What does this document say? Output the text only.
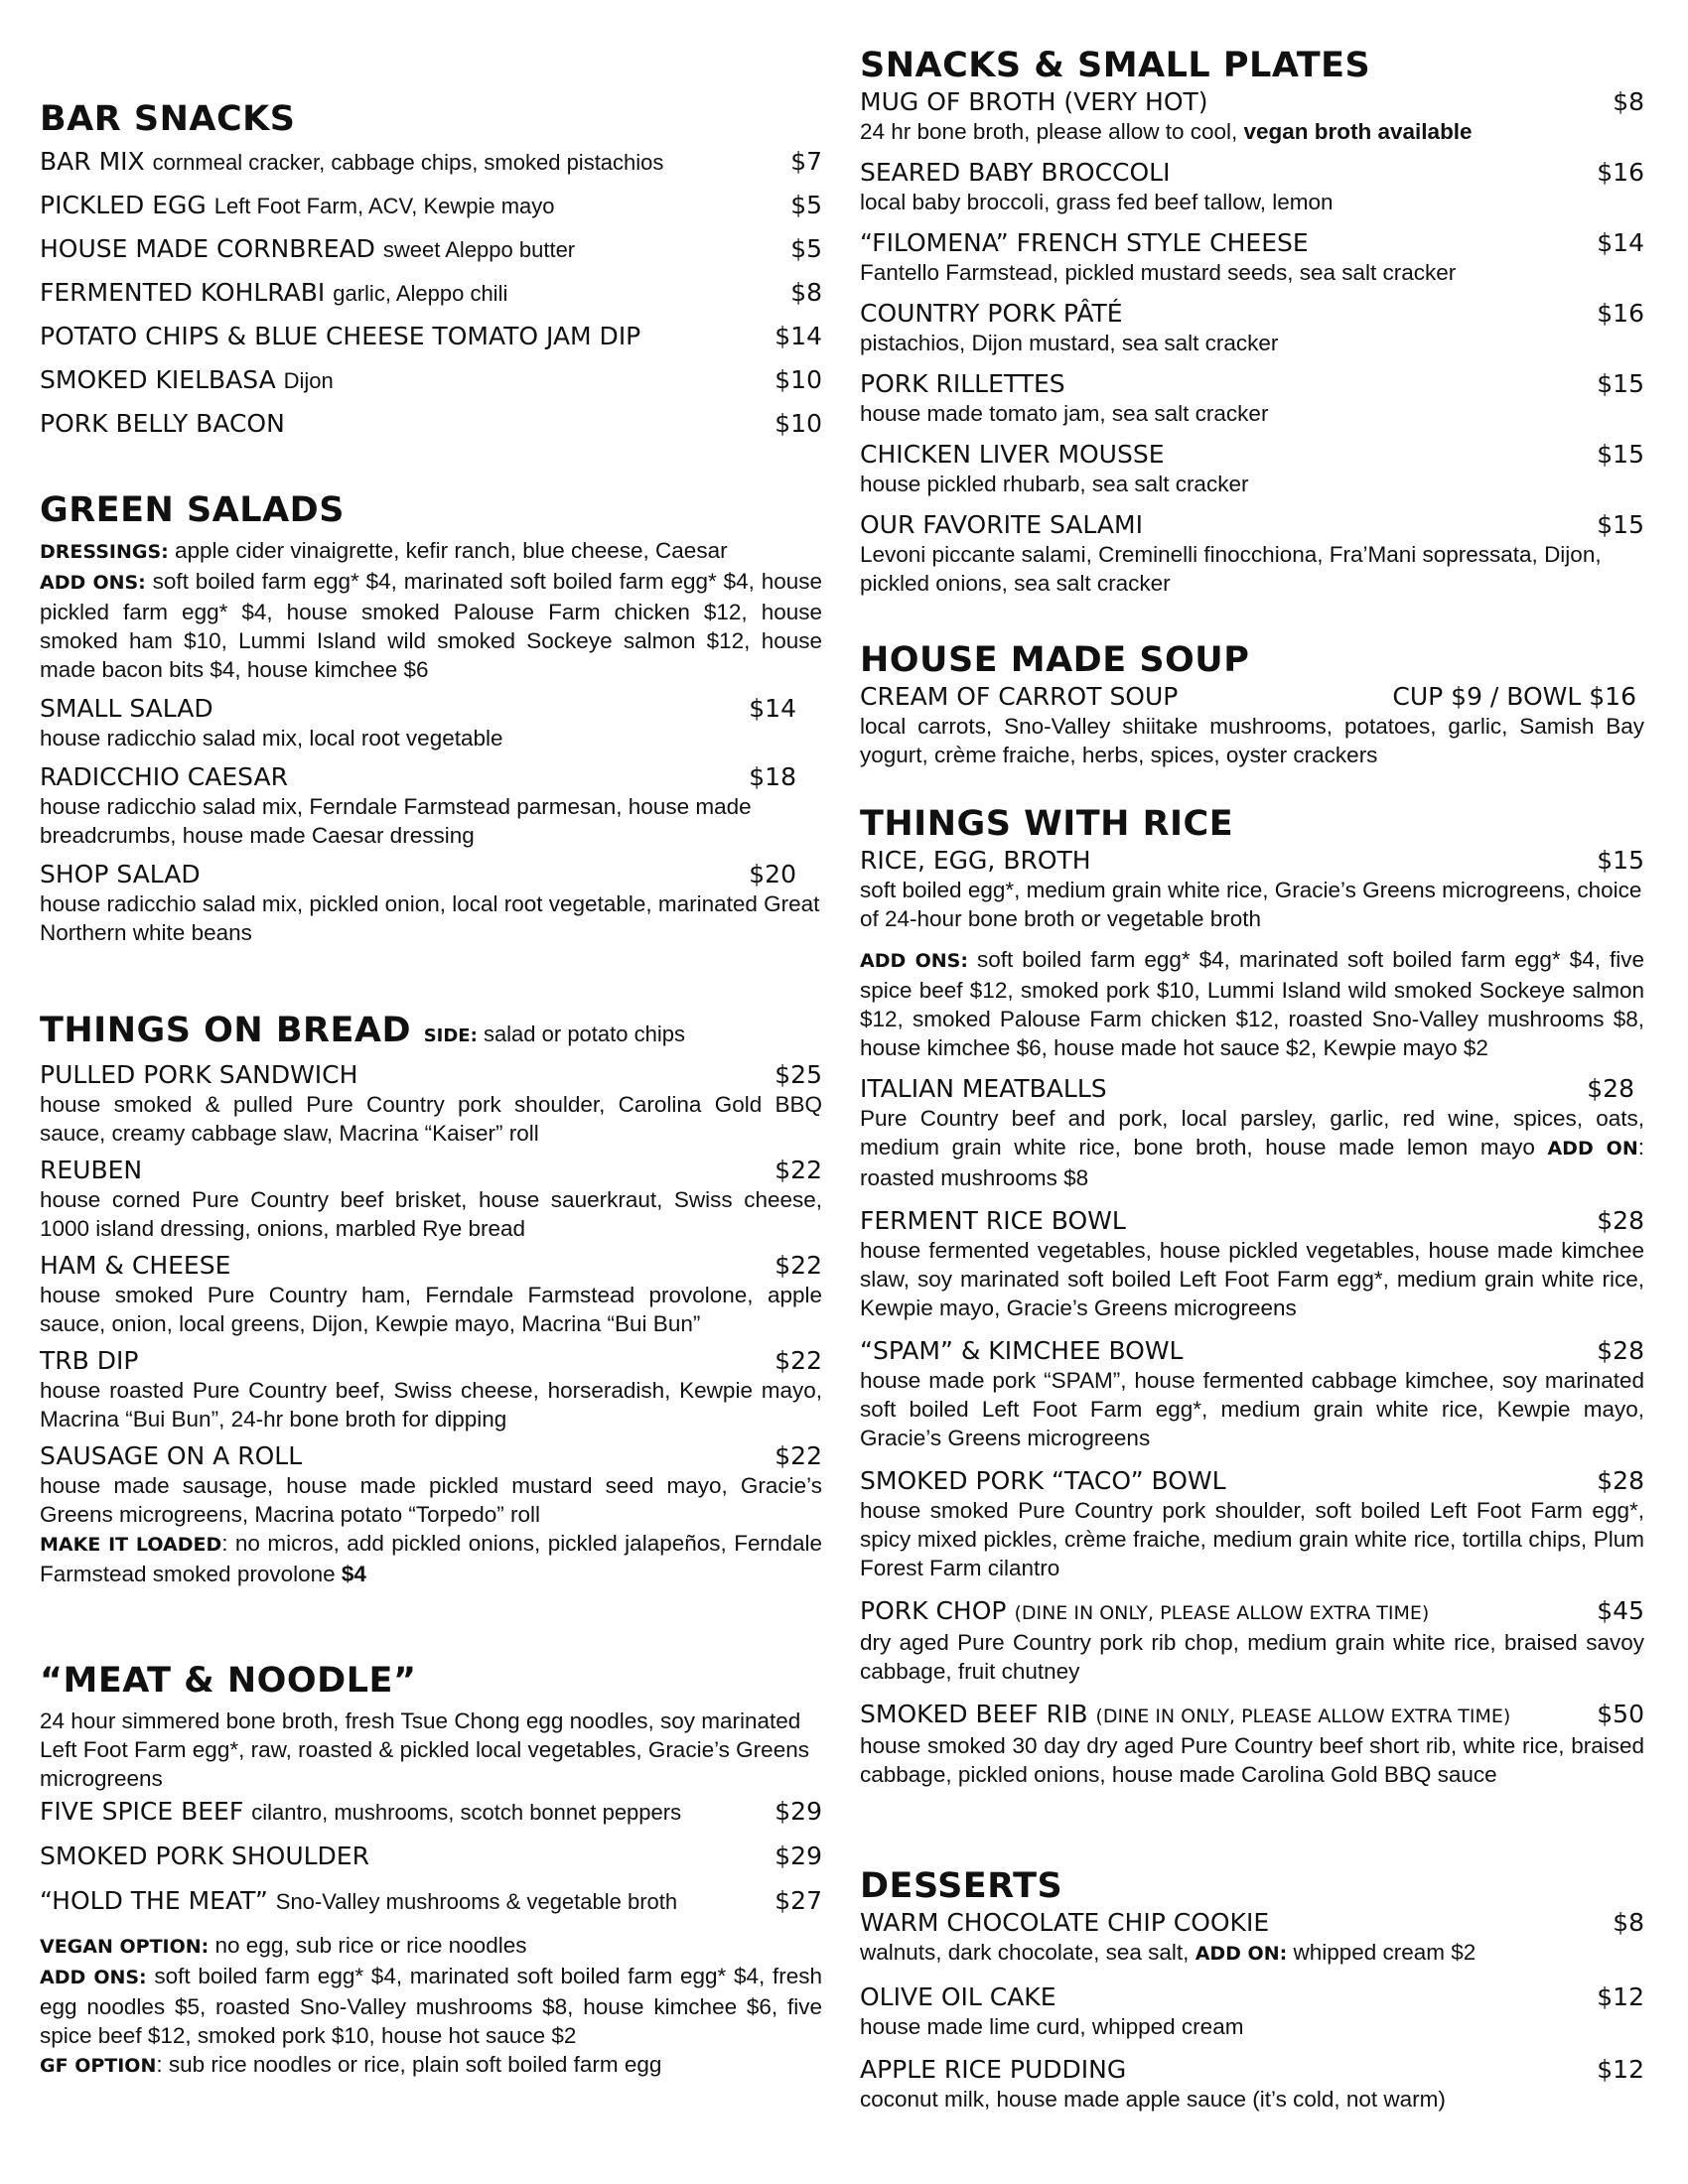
BAR SNACKS
BAR MIX cornmeal cracker, cabbage chips, smoked pistachios	$7
PICKLED EGG Left Foot Farm, ACV, Kewpie mayo	$5
HOUSE MADE CORNBREAD sweet Aleppo butter	$5
FERMENTED KOHLRABI garlic, Aleppo chili	$8
POTATO CHIPS & BLUE CHEESE TOMATO JAM DIP	$14
SMOKED KIELBASA Dijon	$10
PORK BELLY BACON	$10
GREEN SALADS
DRESSINGS: apple cider vinaigrette, kefir ranch, blue cheese, Caesar
ADD ONS: soft boiled farm egg* $4, marinated soft boiled farm egg* $4, house pickled farm egg* $4, house smoked Palouse Farm chicken $12, house smoked ham $10, Lummi Island wild smoked Sockeye salmon $12, house made bacon bits $4, house kimchee $6
SMALL SALAD	$14
house radicchio salad mix, local root vegetable
RADICCHIO CAESAR	$18
house radicchio salad mix, Ferndale Farmstead parmesan, house made breadcrumbs, house made Caesar dressing
SHOP SALAD	$20
house radicchio salad mix, pickled onion, local root vegetable, marinated Great Northern white beans
THINGS ON BREAD SIDE: salad or potato chips
PULLED PORK SANDWICH	$25
house smoked & pulled Pure Country pork shoulder, Carolina Gold BBQ sauce, creamy cabbage slaw, Macrina “Kaiser” roll
REUBEN	$22
house corned Pure Country beef brisket, house sauerkraut, Swiss cheese, 1000 island dressing, onions, marbled Rye bread
HAM & CHEESE	$22
house smoked Pure Country ham, Ferndale Farmstead provolone, apple sauce, onion, local greens, Dijon, Kewpie mayo, Macrina “Bui Bun”
TRB DIP	$22
house roasted Pure Country beef, Swiss cheese, horseradish, Kewpie mayo, Macrina “Bui Bun”, 24-hr bone broth for dipping
SAUSAGE ON A ROLL	$22
house made sausage, house made pickled mustard seed mayo, Gracie’s Greens microgreens, Macrina potato “Torpedo” roll
MAKE IT LOADED: no micros, add pickled onions, pickled jalapeños, Ferndale Farmstead smoked provolone $4
“MEAT & NOODLE”
24 hour simmered bone broth, fresh Tsue Chong egg noodles, soy marinated Left Foot Farm egg*, raw, roasted & pickled local vegetables, Gracie’s Greens microgreens
FIVE SPICE BEEF cilantro, mushrooms, scotch bonnet peppers	$29
SMOKED PORK SHOULDER	$29
“HOLD THE MEAT” Sno-Valley mushrooms & vegetable broth	$27
VEGAN OPTION: no egg, sub rice or rice noodles
ADD ONS: soft boiled farm egg* $4, marinated soft boiled farm egg* $4, fresh egg noodles $5, roasted Sno-Valley mushrooms $8, house kimchee $6, five spice beef $12, smoked pork $10, house hot sauce $2
GF OPTION: sub rice noodles or rice, plain soft boiled farm egg
SNACKS & SMALL PLATES
MUG OF BROTH (VERY HOT)	$8
24 hr bone broth, please allow to cool, vegan broth available
SEARED BABY BROCCOLI	$16
local baby broccoli, grass fed beef tallow, lemon
“FILOMENA” FRENCH STYLE CHEESE	$14
Fantello Farmstead, pickled mustard seeds, sea salt cracker
COUNTRY PORK PÂTÉ	$16
pistachios, Dijon mustard, sea salt cracker
PORK RILLETTES	$15
house made tomato jam, sea salt cracker
CHICKEN LIVER MOUSSE	$15
house pickled rhubarb, sea salt cracker
OUR FAVORITE SALAMI	$15
Levoni piccante salami, Creminelli finocchiona, Fra’Mani sopressata, Dijon, pickled onions, sea salt cracker
HOUSE MADE SOUP
CREAM OF CARROT SOUP	CUP $9 / BOWL $16
local carrots, Sno-Valley shiitake mushrooms, potatoes, garlic, Samish Bay yogurt, crème fraiche, herbs, spices, oyster crackers
THINGS WITH RICE
RICE, EGG, BROTH	$15
soft boiled egg*, medium grain white rice, Gracie’s Greens microgreens, choice of 24-hour bone broth or vegetable broth
ADD ONS: soft boiled farm egg* $4, marinated soft boiled farm egg* $4, five spice beef $12, smoked pork $10, Lummi Island wild smoked Sockeye salmon $12, smoked Palouse Farm chicken $12, roasted Sno-Valley mushrooms $8, house kimchee $6, house made hot sauce $2, Kewpie mayo $2
ITALIAN MEATBALLS	$28
Pure Country beef and pork, local parsley, garlic, red wine, spices, oats, medium grain white rice, bone broth, house made lemon mayo ADD ON: roasted mushrooms $8
FERMENT RICE BOWL	$28
house fermented vegetables, house pickled vegetables, house made kimchee slaw, soy marinated soft boiled Left Foot Farm egg*, medium grain white rice, Kewpie mayo, Gracie’s Greens microgreens
“SPAM” & KIMCHEE BOWL	$28
house made pork “SPAM”, house fermented cabbage kimchee, soy marinated soft boiled Left Foot Farm egg*, medium grain white rice, Kewpie mayo, Gracie’s Greens microgreens
SMOKED PORK “TACO” BOWL	$28
house smoked Pure Country pork shoulder, soft boiled Left Foot Farm egg*, spicy mixed pickles, crème fraiche, medium grain white rice, tortilla chips, Plum Forest Farm cilantro
PORK CHOP (DINE IN ONLY, PLEASE ALLOW EXTRA TIME)	$45
dry aged Pure Country pork rib chop, medium grain white rice, braised savoy cabbage, fruit chutney
SMOKED BEEF RIB (DINE IN ONLY, PLEASE ALLOW EXTRA TIME)	$50
house smoked 30 day dry aged Pure Country beef short rib, white rice, braised cabbage, pickled onions, house made Carolina Gold BBQ sauce
DESSERTS
WARM CHOCOLATE CHIP COOKIE	$8
walnuts, dark chocolate, sea salt, ADD ON: whipped cream $2
OLIVE OIL CAKE	$12
house made lime curd, whipped cream
APPLE RICE PUDDING	$12
coconut milk, house made apple sauce (it’s cold, not warm)
